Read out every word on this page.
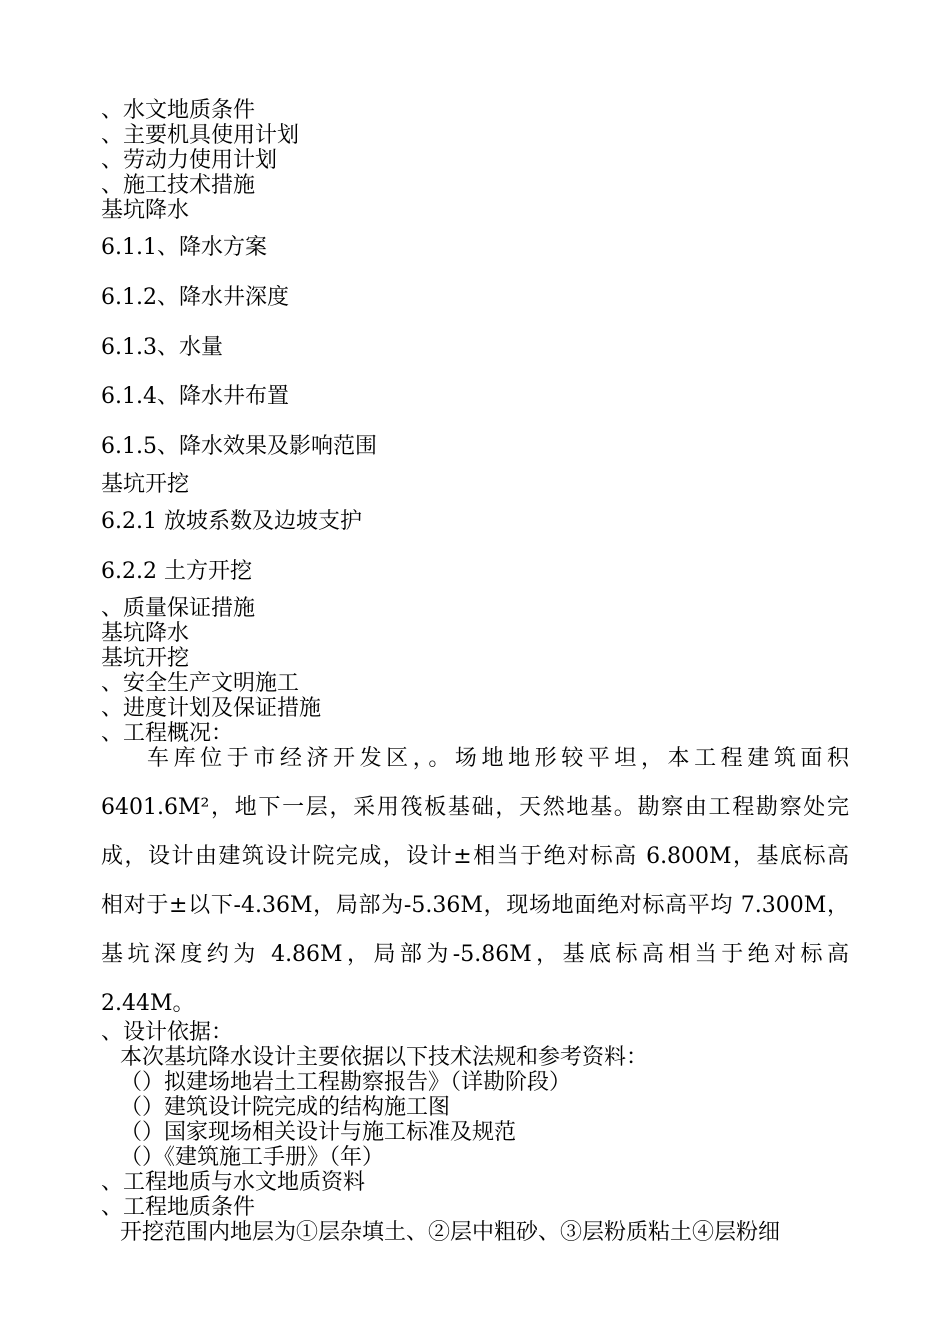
、水文地质条件
、主要机具使用计划
、劳动力使用计划
、施工技术措施
基坑降水
6.1.1、降水方案
6.1.2、降水井深度
6.1.3、水量
6.1.4、降水井布置
6.1.5、降水效果及影响范围
基坑开挖
6.2.1 放坡系数及边坡支护
6.2.2 土方开挖
、质量保证措施
基坑降水
基坑开挖
、安全生产文明施工
、进度计划及保证措施
、工程概况：
车库位于市经济开发区，。场地地形较平坦，本工程建筑面积
6401.6M²，地下一层，采用筏板基础，天然地基。勘察由工程勘察处完
成，设计由建筑设计院完成，设计±相当于绝对标高 6.800M，基底标高
相对于±以下-4.36M，局部为-5.36M，现场地面绝对标高平均 7.300M，
基坑深度约为 4.86M，局部为-5.86M，基底标高相当于绝对标高
2.44M。
、设计依据：
本次基坑降水设计主要依据以下技术法规和参考资料：
（）拟建场地岩土工程勘察报告》（详勘阶段）
（）建筑设计院完成的结构施工图
（）国家现场相关设计与施工标准及规范
（）《建筑施工手册》（年）
、工程地质与水文地质资料
、工程地质条件
开挖范围内地层为①层杂填土、②层中粗砂、③层粉质粘土④层粉细
